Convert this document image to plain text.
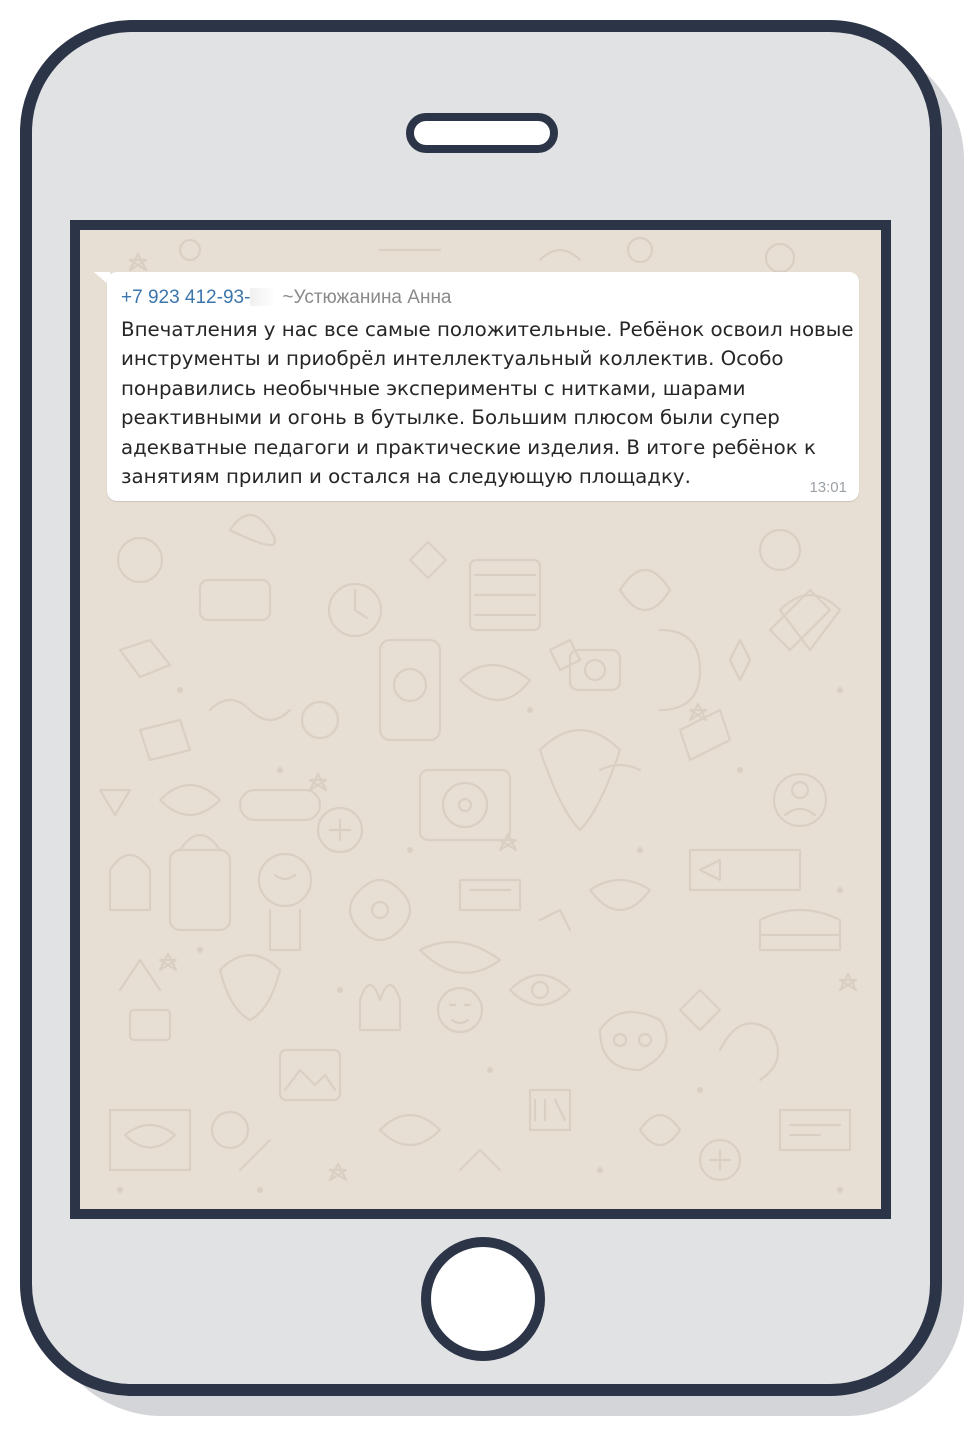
+7 923 412-93- ~Устюжанина Анна
Впечатления у нас все самые положительные. Ребёнок освоил новые
инструменты и приобрёл интеллектуальный коллектив. Особо
понравились необычные эксперименты с нитками, шарами
реактивными и огонь в бутылке. Большим плюсом были супер
адекватные педагоги и практические изделия. В итоге ребёнок к
занятиям прилип и остался на следующую площадку.	13:01
